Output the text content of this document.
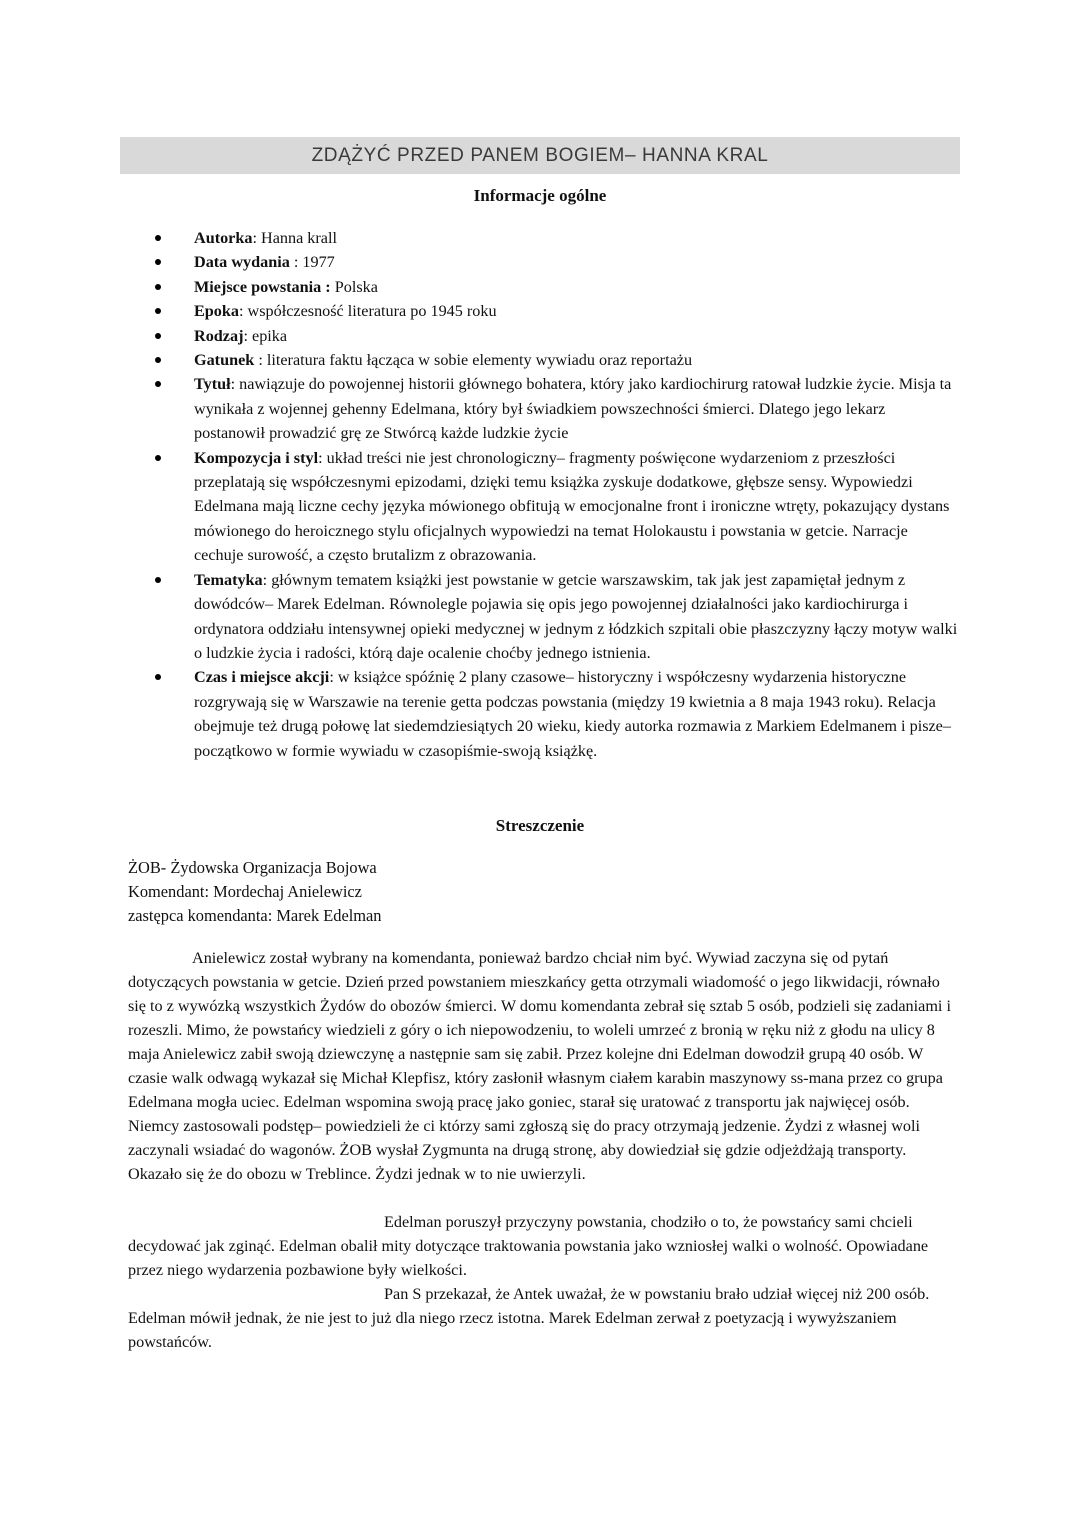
ZDĄŻYĆ PRZED PANEM BOGIEM– HANNA KRAL
Informacje ogólne
Autorka: Hanna krall
Data wydania : 1977
Miejsce powstania : Polska
Epoka: współczesność literatura po 1945 roku
Rodzaj: epika
Gatunek : literatura faktu łącząca w sobie elementy wywiadu oraz reportażu
Tytuł: nawiązuje do powojennej historii głównego bohatera, który jako kardiochirurg ratował ludzkie życie. Misja ta wynikała z wojennej gehenny Edelmana, który był świadkiem powszechności śmierci. Dlatego jego lekarz postanowił prowadzić grę ze Stwórcą każde ludzkie życie
Kompozycja i styl: układ treści nie jest chronologiczny– fragmenty poświęcone wydarzeniom z przeszłości przeplatają się współczesnymi epizodami, dzięki temu książka zyskuje dodatkowe, głębsze sensy. Wypowiedzi Edelmana mają liczne cechy języka mówionego obfitują w emocjonalne front i ironiczne wtręty, pokazujący dystans mówionego do heroicznego stylu oficjalnych wypowiedzi na temat Holokaustu i powstania w getcie. Narracje cechuje surowość, a często brutalizm z obrazowania.
Tematyka: głównym tematem książki jest powstanie w getcie warszawskim, tak jak jest zapamiętał jednym z dowódców– Marek Edelman. Równolegle pojawia się opis jego powojennej działalności jako kardiochirurga i ordynatora oddziału intensywnej opieki medycznej w jednym z łódzkich szpitali obie płaszczyzny łączy motyw walki o ludzkie życia i radości, którą daje ocalenie choćby jednego istnienia.
Czas i miejsce akcji: w książce spóźnię 2 plany czasowe– historyczny i współczesny wydarzenia historyczne rozgrywają się w Warszawie na terenie getta podczas powstania (między 19 kwietnia a 8 maja 1943 roku). Relacja obejmuje też drugą połowę lat siedemdziesiątych 20 wieku, kiedy autorka rozmawia z Markiem Edelmanem i pisze– początkowo w formie wywiadu w czasopiśmie-swoją książkę.
Streszczenie
ŻOB- Żydowska Organizacja Bojowa
Komendant: Mordechaj Anielewicz
zastępca komendanta: Marek Edelman

Anielewicz został wybrany na komendanta, ponieważ bardzo chciał nim być. Wywiad zaczyna się od pytań dotyczących powstania w getcie. Dzień przed powstaniem mieszkańcy getta otrzymali wiadomość o jego likwidacji, równało się to z wywózką wszystkich Żydów do obozów śmierci. W domu komendanta zebrał się sztab 5 osób, podzieli się zadaniami i rozeszli. Mimo, że powstańcy wiedzieli z góry o ich niepowodzeniu, to woleli umrzeć z bronią w ręku niż z głodu na ulicy 8 maja Anielewicz zabił swoją dziewczynę a następnie sam się zabił. Przez kolejne dni Edelman dowodził grupą 40 osób. W czasie walk odwagą wykazał się Michał Klepfisz, który zasłonił własnym ciałem karabin maszynowy ss-mana przez co grupa Edelmana mogła uciec. Edelman wspomina swoją pracę jako goniec, starał się uratować z transportu jak najwięcej osób. Niemcy zastosowali podstęp– powiedzieli że ci którzy sami zgłoszą się do pracy otrzymają jedzenie. Żydzi z własnej woli zaczynali wsiadać do wagonów. ŻOB wysłał Zygmunta na drugą stronę, aby dowiedział się gdzie odjeżdżają transporty. Okazało się że do obozu w Treblince. Żydzi jednak w to nie uwierzyli.

Edelman poruszył przyczyny powstania, chodziło o to, że powstańcy sami chcieli decydować jak zginąć. Edelman obalił mity dotyczące traktowania powstania jako wzniosłej walki o wolność. Opowiadane przez niego wydarzenia pozbawione były wielkości.

Pan S przekazał, że Antek uważał, że w powstaniu brało udział więcej niż 200 osób. Edelman mówił jednak, że nie jest to już dla niego rzecz istotna. Marek Edelman zerwał z poetyzacją i wywyższaniem powstańców.
